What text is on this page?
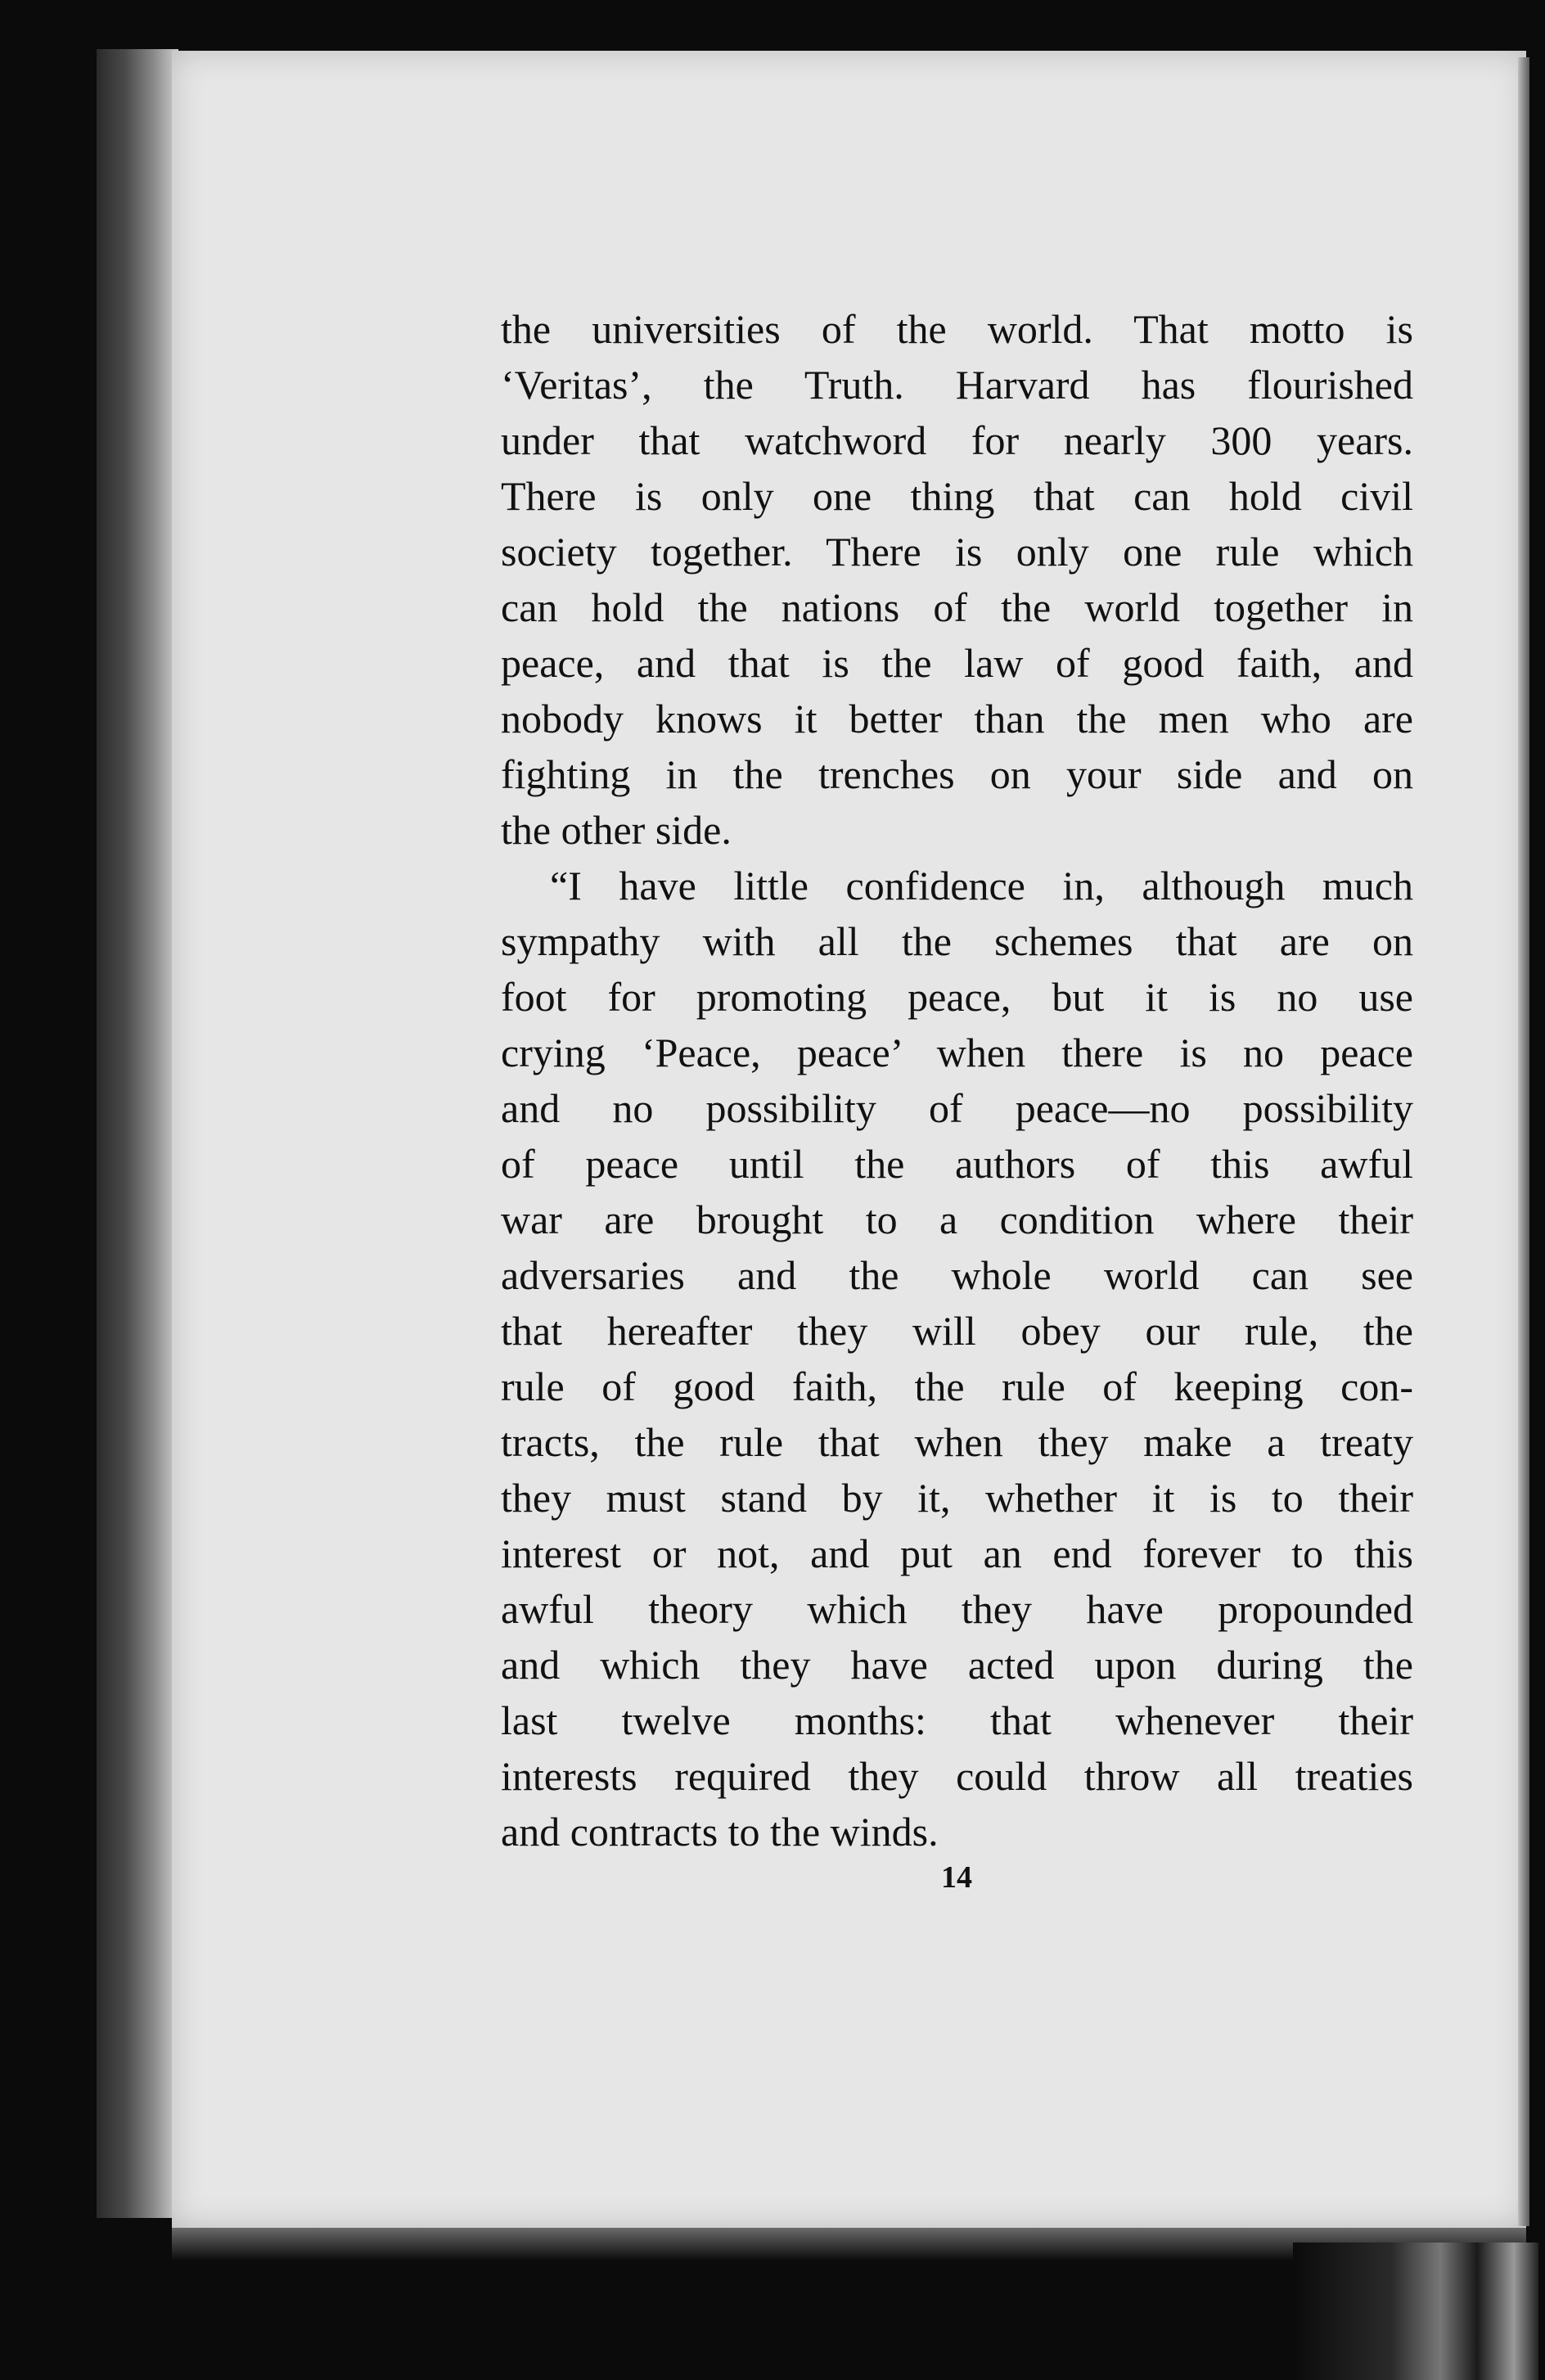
the universities of the world. That motto is
‘Veritas’, the Truth. Harvard has flourished
under that watchword for nearly 300 years.
There is only one thing that can hold civil
society together. There is only one rule which
can hold the nations of the world together in
peace, and that is the law of good faith, and
nobody knows it better than the men who are
fighting in the trenches on your side and on
the other side.
“I have little confidence in, although much
sympathy with all the schemes that are on
foot for promoting peace, but it is no use
crying ‘Peace, peace’ when there is no peace
and no possibility of peace—no possibility
of peace until the authors of this awful
war are brought to a condition where their
adversaries and the whole world can see
that hereafter they will obey our rule, the
rule of good faith, the rule of keeping con-
tracts, the rule that when they make a treaty
they must stand by it, whether it is to their
interest or not, and put an end forever to this
awful theory which they have propounded
and which they have acted upon during the
last twelve months: that whenever their
interests required they could throw all treaties
and contracts to the winds.
14
